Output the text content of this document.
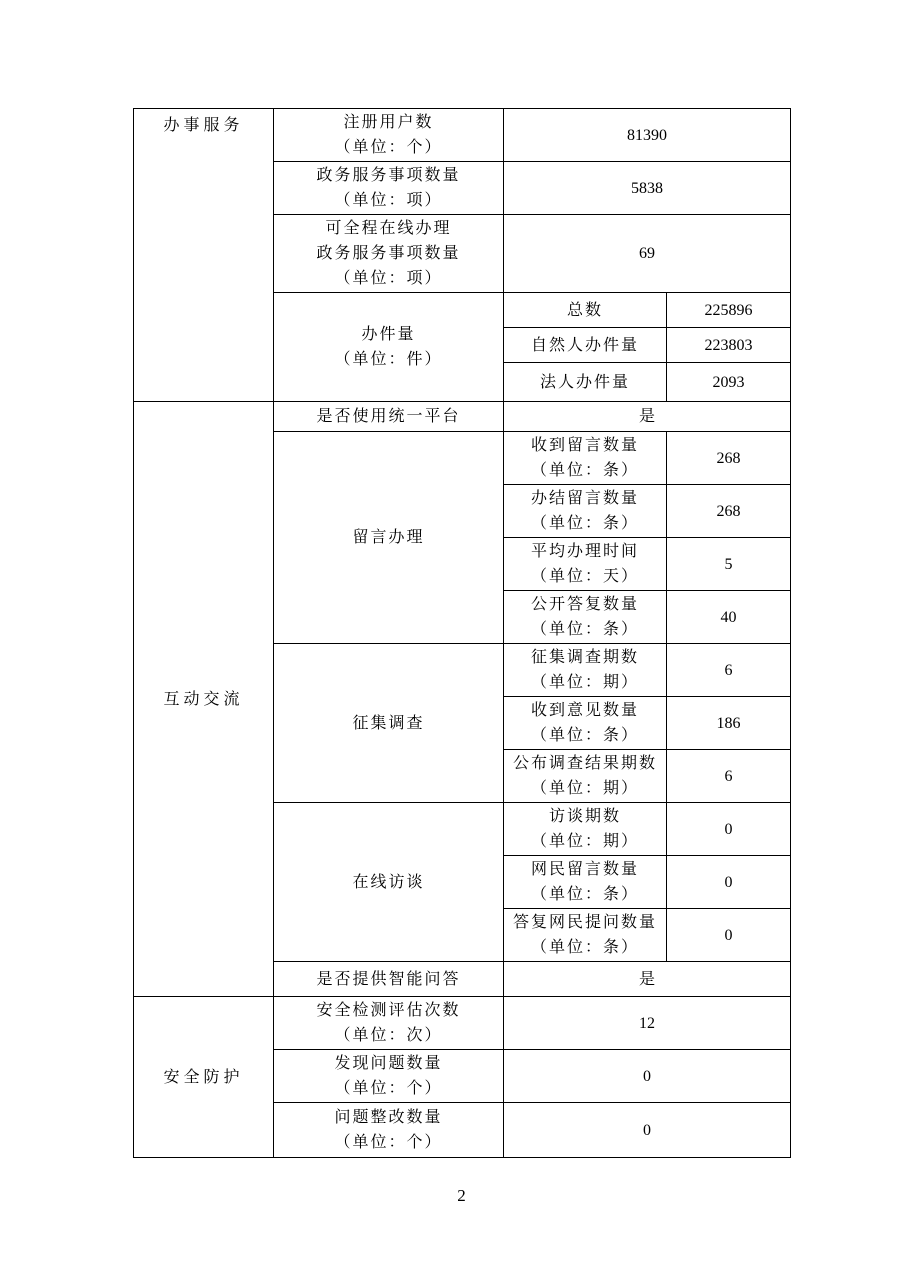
办事服务	注册用户数
（单位：个）	81390	

	政务服务事项数量
（单位：项）	5838	

	可全程在线办理
政务服务事项数量
（单位：项）	69	

	办件量
（单位：件）	总数	225896

		自然人办件量	223803

		法人办件量	2093
互动交流	是否使用统一平台	是	

	留言办理	收到留言数量
（单位：条）	268

		办结留言数量
（单位：条）	268

		平均办理时间
（单位：天）	5

		公开答复数量
（单位：条）	40

	征集调查	征集调查期数
（单位：期）	6

		收到意见数量
（单位：条）	186

		公布调查结果期数
（单位：期）	6

	在线访谈	访谈期数
（单位：期）	0

		网民留言数量
（单位：条）	0

		答复网民提问数量
（单位：条）	0

	是否提供智能问答	是	
安全防护	安全检测评估次数
（单位：次）	12	

	发现问题数量
（单位：个）	0	

	问题整改数量
（单位：个）	0	
2
